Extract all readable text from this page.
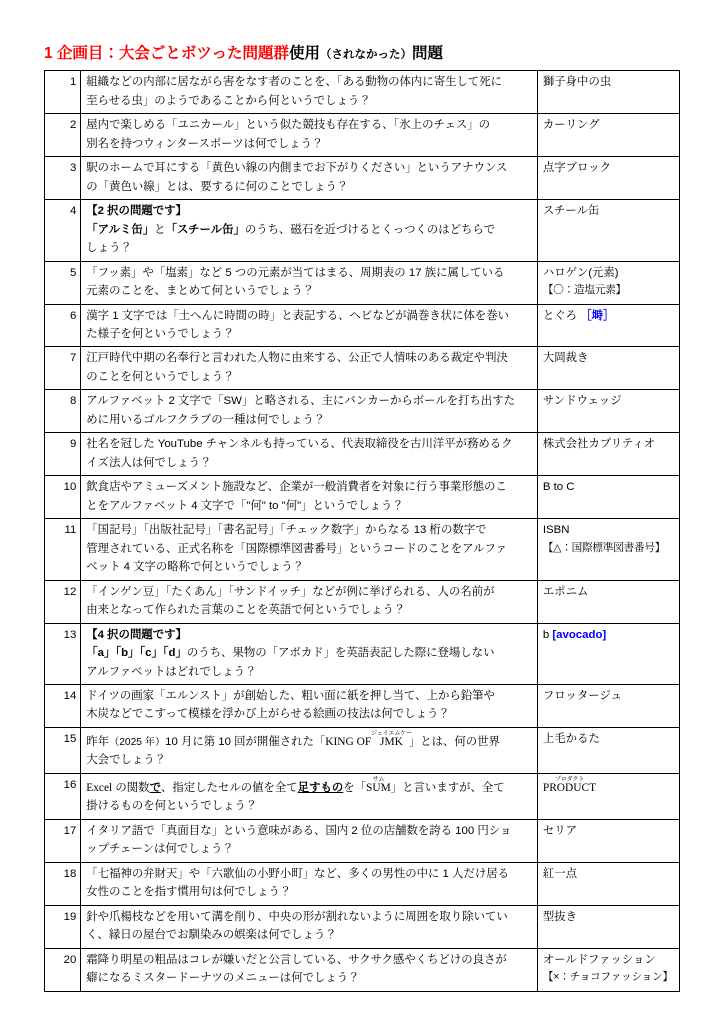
1 企画目：大会ごとボツった問題群使用（されなかった）問題
1	組織などの内部に居ながら害をなす者のことを、「ある動物の体内に寄生して死に
至らせる虫」のようであることから何というでしょう？	獅子身中の虫

2	屋内で楽しめる「ユニカール」という似た競技も存在する、「氷上のチェス」の
別名を持つウィンタースポーツは何でしょう？	カーリング

3	駅のホームで耳にする「黄色い線の内側までお下がりください」というアナウンス
の「黄色い線」とは、要するに何のことでしょう？	点字ブロック

4	【2 択の問題です】
「アルミ缶」と「スチール缶」のうち、磁石を近づけるとくっつくのはどちらで
しょう？	スチール缶

5	「フッ素」や「塩素」など 5 つの元素が当てはまる、周期表の 17 族に属している
元素のことを、まとめて何というでしょう？	ハロゲン(元素)
【〇：造塩元素】

6	漢字 1 文字では「土へんに時間の時」と表記する、ヘビなどが渦巻き状に体を巻い
た様子を何というでしょう？	とぐろ ［塒］

7	江戸時代中期の名奉行と言われた人物に由来する、公正で人情味のある裁定や判決
のことを何というでしょう？	大岡裁き

8	アルファベット 2 文字で「SW」と略される、主にバンカーからボールを打ち出すた
めに用いるゴルフクラブの一種は何でしょう？	サンドウェッジ

9	社名を冠した YouTube チャンネルも持っている、代表取締役を古川洋平が務めるク
イズ法人は何でしょう？	株式会社カプリティオ

10	飲食店やアミューズメント施設など、企業が一般消費者を対象に行う事業形態のこ
とをアルファベット 4 文字で「"何" to "何"」というでしょう？	B to C

11	「国記号」「出版社記号」「書名記号」「チェック数字」からなる 13 桁の数字で
管理されている、正式名称を「国際標準図書番号」というコードのことをアルファ
ベット 4 文字の略称で何というでしょう？	ISBN
【△：国際標準図書番号】

12	「インゲン豆」「たくあん」「サンドイッチ」などが例に挙げられる、人の名前が
由来となって作られた言葉のことを英語で何というでしょう？	エポニム

13	【4 択の問題です】
「a」「b」「c」「d」のうち、果物の「アボカド」を英語表記した際に登場しない
アルファベットはどれでしょう？	b [avocado]

14	ドイツの画家「エルンスト」が創始した、粗い面に紙を押し当て、上から鉛筆や
木炭などでこすって模様を浮かび上がらせる絵画の技法は何でしょう？	フロッタージュ

15	昨年（2025 年）10 月に第 10 回が開催された「KING OF JMKジェイエムケー」とは、何の世界
大会でしょう？	上毛かるた

16	Excel の関数で、指定したセルの値を全て足すものを「SUMサム」と言いますが、全て
掛けるものを何というでしょう？	PRODUCTプロダクト

17	イタリア語で「真面目な」という意味がある、国内 2 位の店舗数を誇る 100 円ショ
ップチェーンは何でしょう？	セリア

18	「七福神の弁財天」や「六歌仙の小野小町」など、多くの男性の中に 1 人だけ居る
女性のことを指す慣用句は何でしょう？	紅一点

19	針や爪楊枝などを用いて溝を削り、中央の形が割れないように周囲を取り除いてい
く、縁日の屋台でお馴染みの娯楽は何でしょう？	型抜き

20	霜降り明星の粗品はコレが嫌いだと公言している、サクサク感やくちどけの良さが
癖になるミスタードーナツのメニューは何でしょう？	オールドファッション
【×：チョコファッション】
